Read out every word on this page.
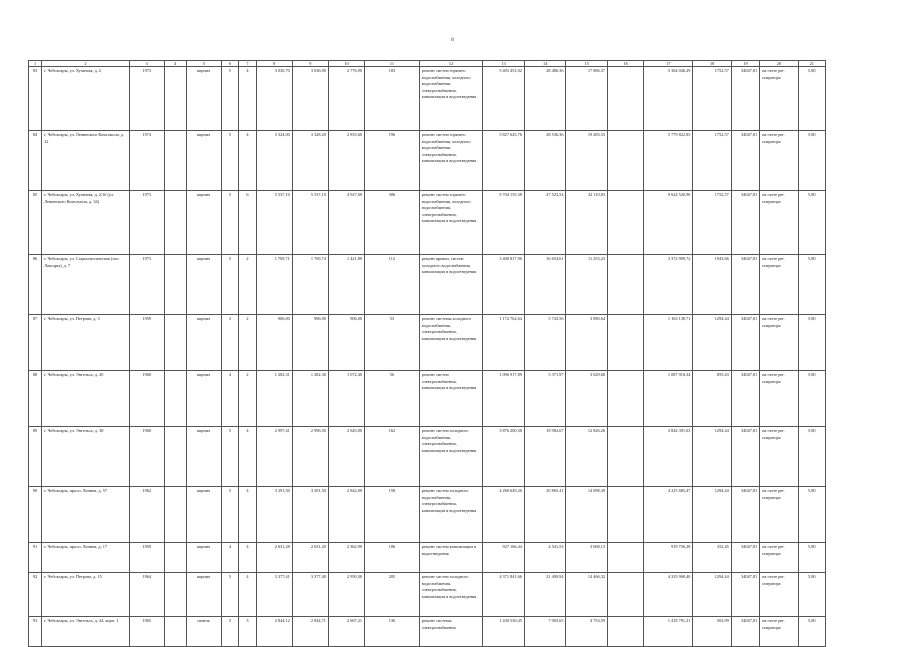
8
1	2	3	4	5	6	7	8	9	10	11	12	13	14	15	16	17	18	19	20	21
83	г. Чебоксары, ул. Хузангая, д. 2	1973		кирпич	5	4	3 030,70	3 036,00	2 776,90	183	ремонт систем горячего водоснабжения, холодного водоснабжения, электроснабжения, канализации и водоотведения	5 403 451,02	28 486,36	17 886,37		5 364 046,29	1752,57	34047,81	на счете рег. оператора	5,80
84	г. Чебоксары, ул. Ленинского Комсомола, д. 32	1974		кирпич	5	4	3 324,00	3 328,20	2 835,60	196	ремонт систем горячего водоснабжения, холодного водоснабжения, электроснабжения, канализации и водоотведения	5 827 643,76	28 536,36	19 283,53		5 779 822,85	1752,57	34047,81	на счете рег. оператора	5,80
85	г. Чебоксары, ул. Хузангая, д. 2/16 (ул. Ленинского Комсомола, д. 34)	1973		кирпич	5	6	5 537,10	5 537,10	4 927,00	306	ремонт систем горячего водоснабжения, холодного водоснабжения, электроснабжения, канализации и водоотведения	9 704 155,38	47 523,54	32 110,83		9 624 520,96	1752,57	34047,81	на счете рег. оператора	5,80
86	г. Чебоксары, ул. Социалистическая (пос. Лапсары), д. 7	1973		кирпич	5	2	1 769,71	1 769,74	1 421,80	112	ремонт крыши, систем холодного водоснабжения, канализации и водоотведения	3 400 817,96	16 654,61	11 253,23		3 372 909,72	1943,66	34047,81	на счете рег. оператора	5,80
87	г. Чебоксары, ул. Петрова, д. 3	1959		кирпич	3	2	906,00	906,00	906,00	53	ремонт системы холодного водоснабжения, электроснабжения, канализации и водоотведения	1 172 762,64	5 743,56	3 880,64		1 163 138,71	1294,44	34047,81	на счете рег. оператора	5,80
88	г. Чебоксары, ул. Энгельса, д. 20	1960		кирпич	4	2	1 282,31	1 282,30	1 072,40	56	ремонт систем электроснабжения, канализации и водоотведения	1 096 917,89	5 371,97	3 629,68		1 087 916,34	855,43	34047,81	на счете рег. оператора	5,80
89	г. Чебоксары, ул. Энгельса, д. 38	1960		кирпич	5	4	2 997,41	2 996,50	2 645,00	162	ремонт систем холодного водоснабжения, электроснабжения, канализации и водоотведения	3 876 200,38	18 982,67	12 826,26		3 844 391,63	1294,44	34047,81	на счете рег. оператора	5,80
90	г. Чебоксары, просп. Ленина, д. 57	1962		кирпич	5	4	3 291,50	3 291,50	2 842,00	158	ремонт систем холодного водоснабжения, электроснабжения, канализации и водоотведения	4 260 649,26	20 865,41	14 098,39		4 225 685,47	1294,44	34047,81	на счете рег. оператора	5,80
91	г. Чебоксары, просп. Ленина, д. 17	1959		кирпич	4	4	2 631,28	2 631,20	2 362,90	106	ремонт систем канализации и водоотведения	927 166,44	4 541,53	3 068,13		919 756,28	352,45	34047,81	на счете рег. оператора	5,80
92	г. Чебоксары, ул. Петрова, д. 15	1964		кирпич	5	4	3 377,41	3 377,40	2 950,30	205	ремонт систем холодного водоснабжения, электроснабжения, канализации и водоотведения	4 371 841,66	21 409,94	14 466,32		4 335 968,40	1294,44	34047,81	на счете рег. оператора	5,80
93	г. Чебоксары, ул. Энгельса, д. 44, корп. 1	1965		панель	5	3	2 844,12	2 844,71	2 667,21	136	ремонт системы электроснабжения	1 430 530,45	7 005,65	4 733,59		1 418 791,21	502,99	34047,81	на счете рег. оператора	5,80
